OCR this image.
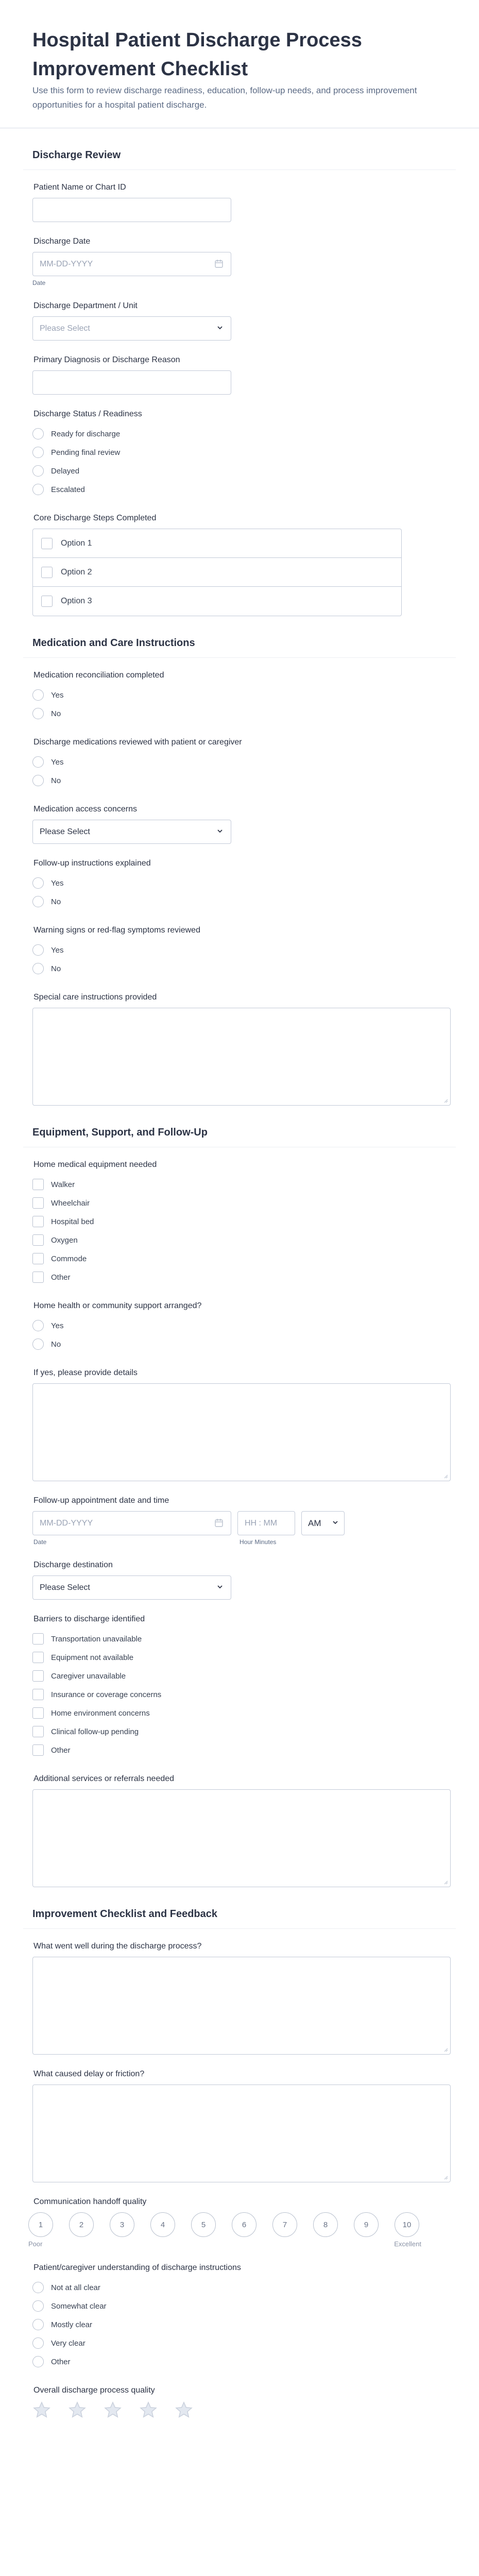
Hospital Patient Discharge Process Improvement Checklist

Use this form to review discharge readiness, education, follow-up needs, and process improvement opportunities for a hospital patient discharge.

Discharge Review
Patient Name or Chart ID
Discharge Date
MM-DD-YYYY
Date
Discharge Department / Unit
Please Select
Primary Diagnosis or Discharge Reason
Discharge Status / Readiness
Ready for discharge
Pending final review
Delayed
Escalated
Core Discharge Steps Completed
Option 1
Option 2
Option 3
Medication and Care Instructions
Medication reconciliation completed
Yes
No
Discharge medications reviewed with patient or caregiver
Yes
No
Medication access concerns
Please Select
Follow-up instructions explained
Yes
No
Warning signs or red-flag symptoms reviewed
Yes
No
Special care instructions provided
Equipment, Support, and Follow-Up
Home medical equipment needed
Walker
Wheelchair
Hospital bed
Oxygen
Commode
Other
Home health or community support arranged?
Yes
No
If yes, please provide details
Follow-up appointment date and time
MM-DD-YYYY	HH : MM	AM
Date	Hour Minutes
Discharge destination
Please Select
Barriers to discharge identified
Transportation unavailable
Equipment not available
Caregiver unavailable
Insurance or coverage concerns
Home environment concerns
Clinical follow-up pending
Other
Additional services or referrals needed
Improvement Checklist and Feedback
What went well during the discharge process?
What caused delay or friction?
Communication handoff quality
1	2	3	4	5	6	7	8	9	10
Poor	Excellent
Patient/caregiver understanding of discharge instructions
Not at all clear
Somewhat clear
Mostly clear
Very clear
Other
Overall discharge process quality
